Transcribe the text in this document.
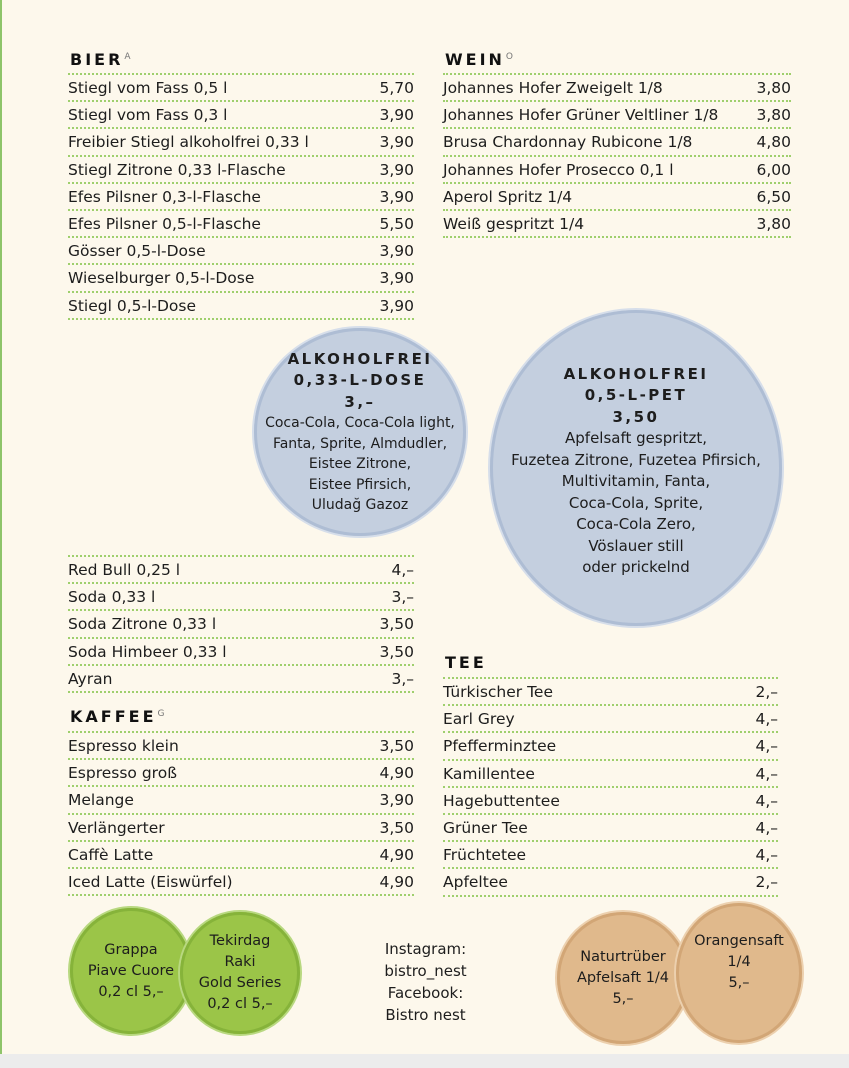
$BIER^A$
Stiegl vom Fass 0,5 l	5,70
Stiegl vom Fass 0,3 l	3,90
Freibier Stiegl alkoholfrei 0,33 l	3,90
Stiegl Zitrone 0,33 l-Flasche	3,90
Efes Pilsner 0,3-l-Flasche	3,90
Efes Pilsner 0,5-l-Flasche	5,50
Gösser 0,5-l-Dose	3,90
Wieselburger 0,5-l-Dose	3,90
Stiegl 0,5-l-Dose	3,90
$WEIN^O$
Johannes Hofer Zweigelt 1/8	3,80
Johannes Hofer Grüner Veltliner 1/8 3,80
Brusa Chardonnay Rubicone 1/8	4,80
Johannes Hofer Prosecco 0,1 l	6,00
Aperol Spritz 1/4	6,50
Weiß gespritzt 1/4	3,80
ALKOHOLFREI
0,5-L-PET
3,50
Apfelsaft gespritzt,
Fuzetea Zitrone, Fuzetea Pfirsich,
Multivitamin, Fanta,
Coca-Cola, Sprite,
Coca-Cola Zero,
Vöslauer still
oder prickelnd
ALKOHOLFREI
0,33-L-DOSE
3,–
Coca-Cola, Coca-Cola light,
Fanta, Sprite, Almdudler,
Eistee Zitrone,
Eistee Pfirsich,
Uludağ Gazoz
Red Bull 0,25 l	4,–
Soda 0,33 l	3,–
Soda Zitrone 0,33 l	3,50
Soda Himbeer 0,33 l	3,50
Ayran	3,–
$KAFFEE^G$
Espresso klein	3,50
Espresso groß	4,90
Melange	3,90
Verlängerter	3,50
Caffè Latte	4,90
Iced Latte (Eiswürfel)	4,90
TEE
Türkischer Tee	2,–
Earl Grey	4,–
Pfefferminztee	4,–
Kamillentee	4,–
Hagebuttentee	4,–
Grüner Tee	4,–
Früchtetee	4,–
Apfeltee	2,–
Grappa
Piave Cuore
0,2 cl 5,–
Tekirdag
Raki
Gold Series
0,2 cl 5,–
Instagram:
bistro_nest
Facebook:
Bistro nest
Naturtrüber
Apfelsaft 1/4
5,–
Orangensaft
1/4
5,–
